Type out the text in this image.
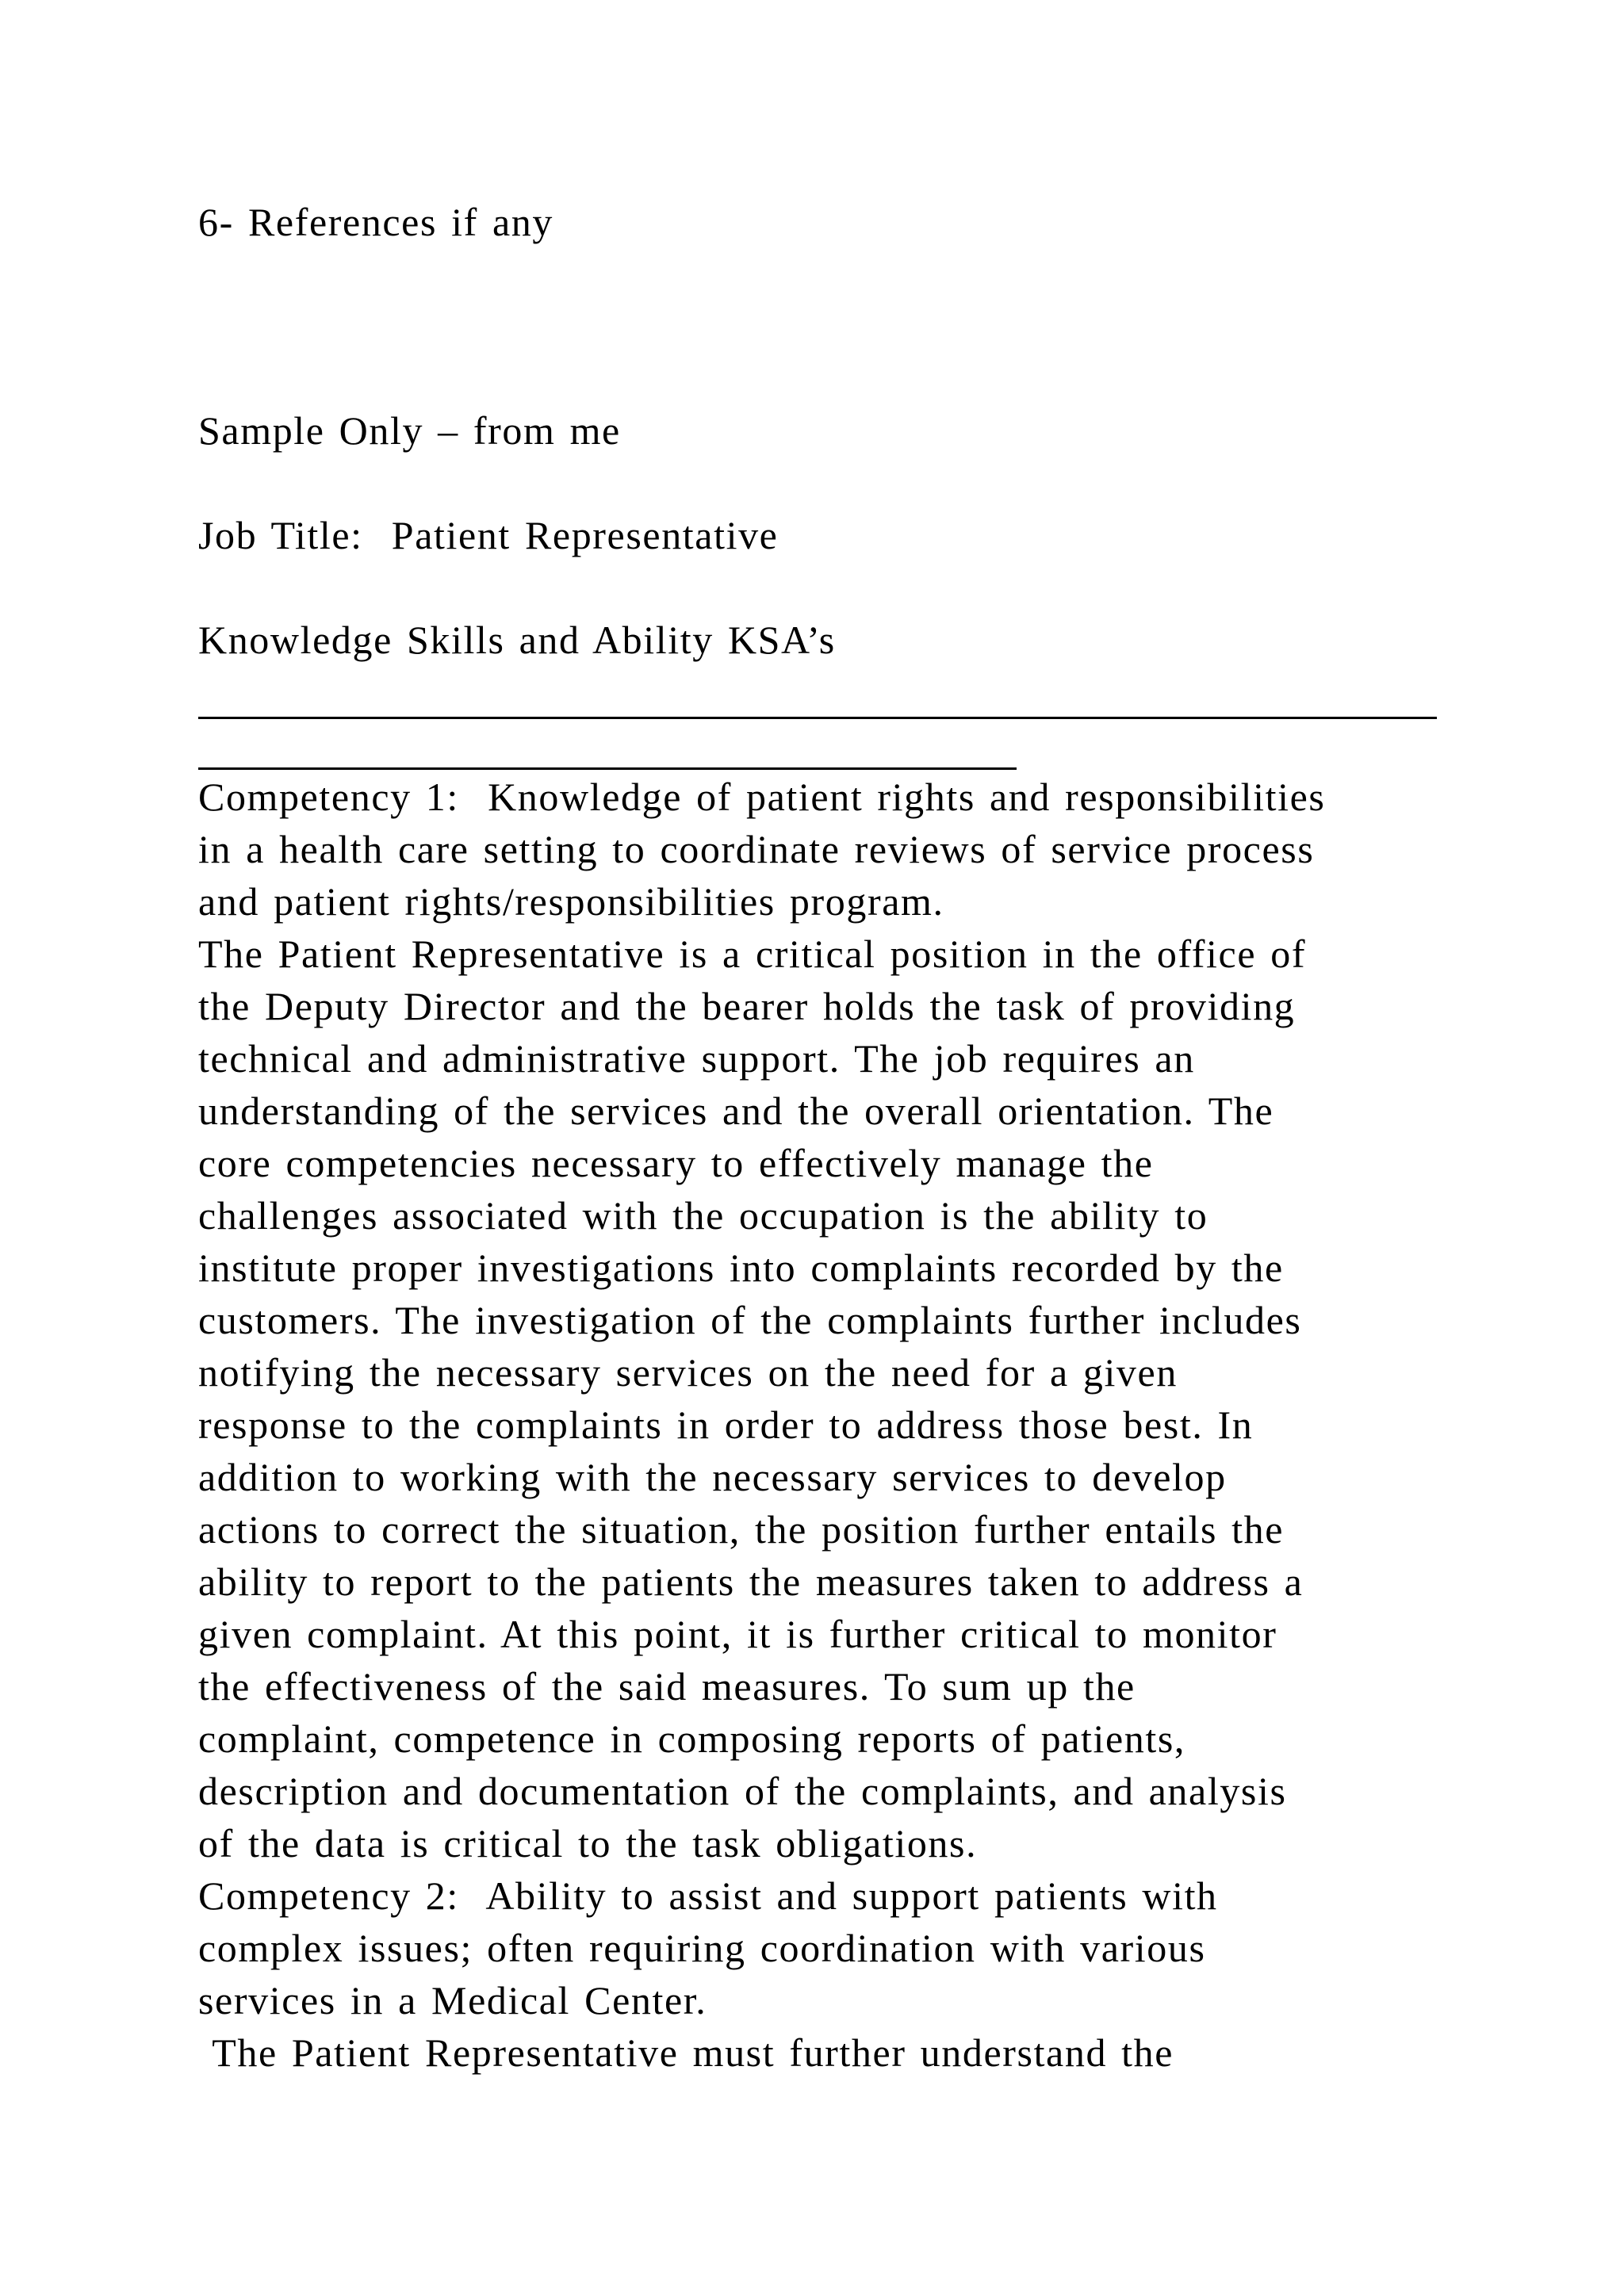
6- References if any
Sample Only – from me
Job Title:  Patient Representative
Knowledge Skills and Ability KSA’s
Competency 1:  Knowledge of patient rights and responsibilities
in a health care setting to coordinate reviews of service process
and patient rights/responsibilities program.
The Patient Representative is a critical position in the office of
the Deputy Director and the bearer holds the task of providing
technical and administrative support. The job requires an
understanding of the services and the overall orientation. The
core competencies necessary to effectively manage the
challenges associated with the occupation is the ability to
institute proper investigations into complaints recorded by the
customers. The investigation of the complaints further includes
notifying the necessary services on the need for a given
response to the complaints in order to address those best. In
addition to working with the necessary services to develop
actions to correct the situation, the position further entails the
ability to report to the patients the measures taken to address a
given complaint. At this point, it is further critical to monitor
the effectiveness of the said measures. To sum up the
complaint, competence in composing reports of patients,
description and documentation of the complaints, and analysis
of the data is critical to the task obligations.
Competency 2:  Ability to assist and support patients with
complex issues; often requiring coordination with various
services in a Medical Center.
The Patient Representative must further understand the
